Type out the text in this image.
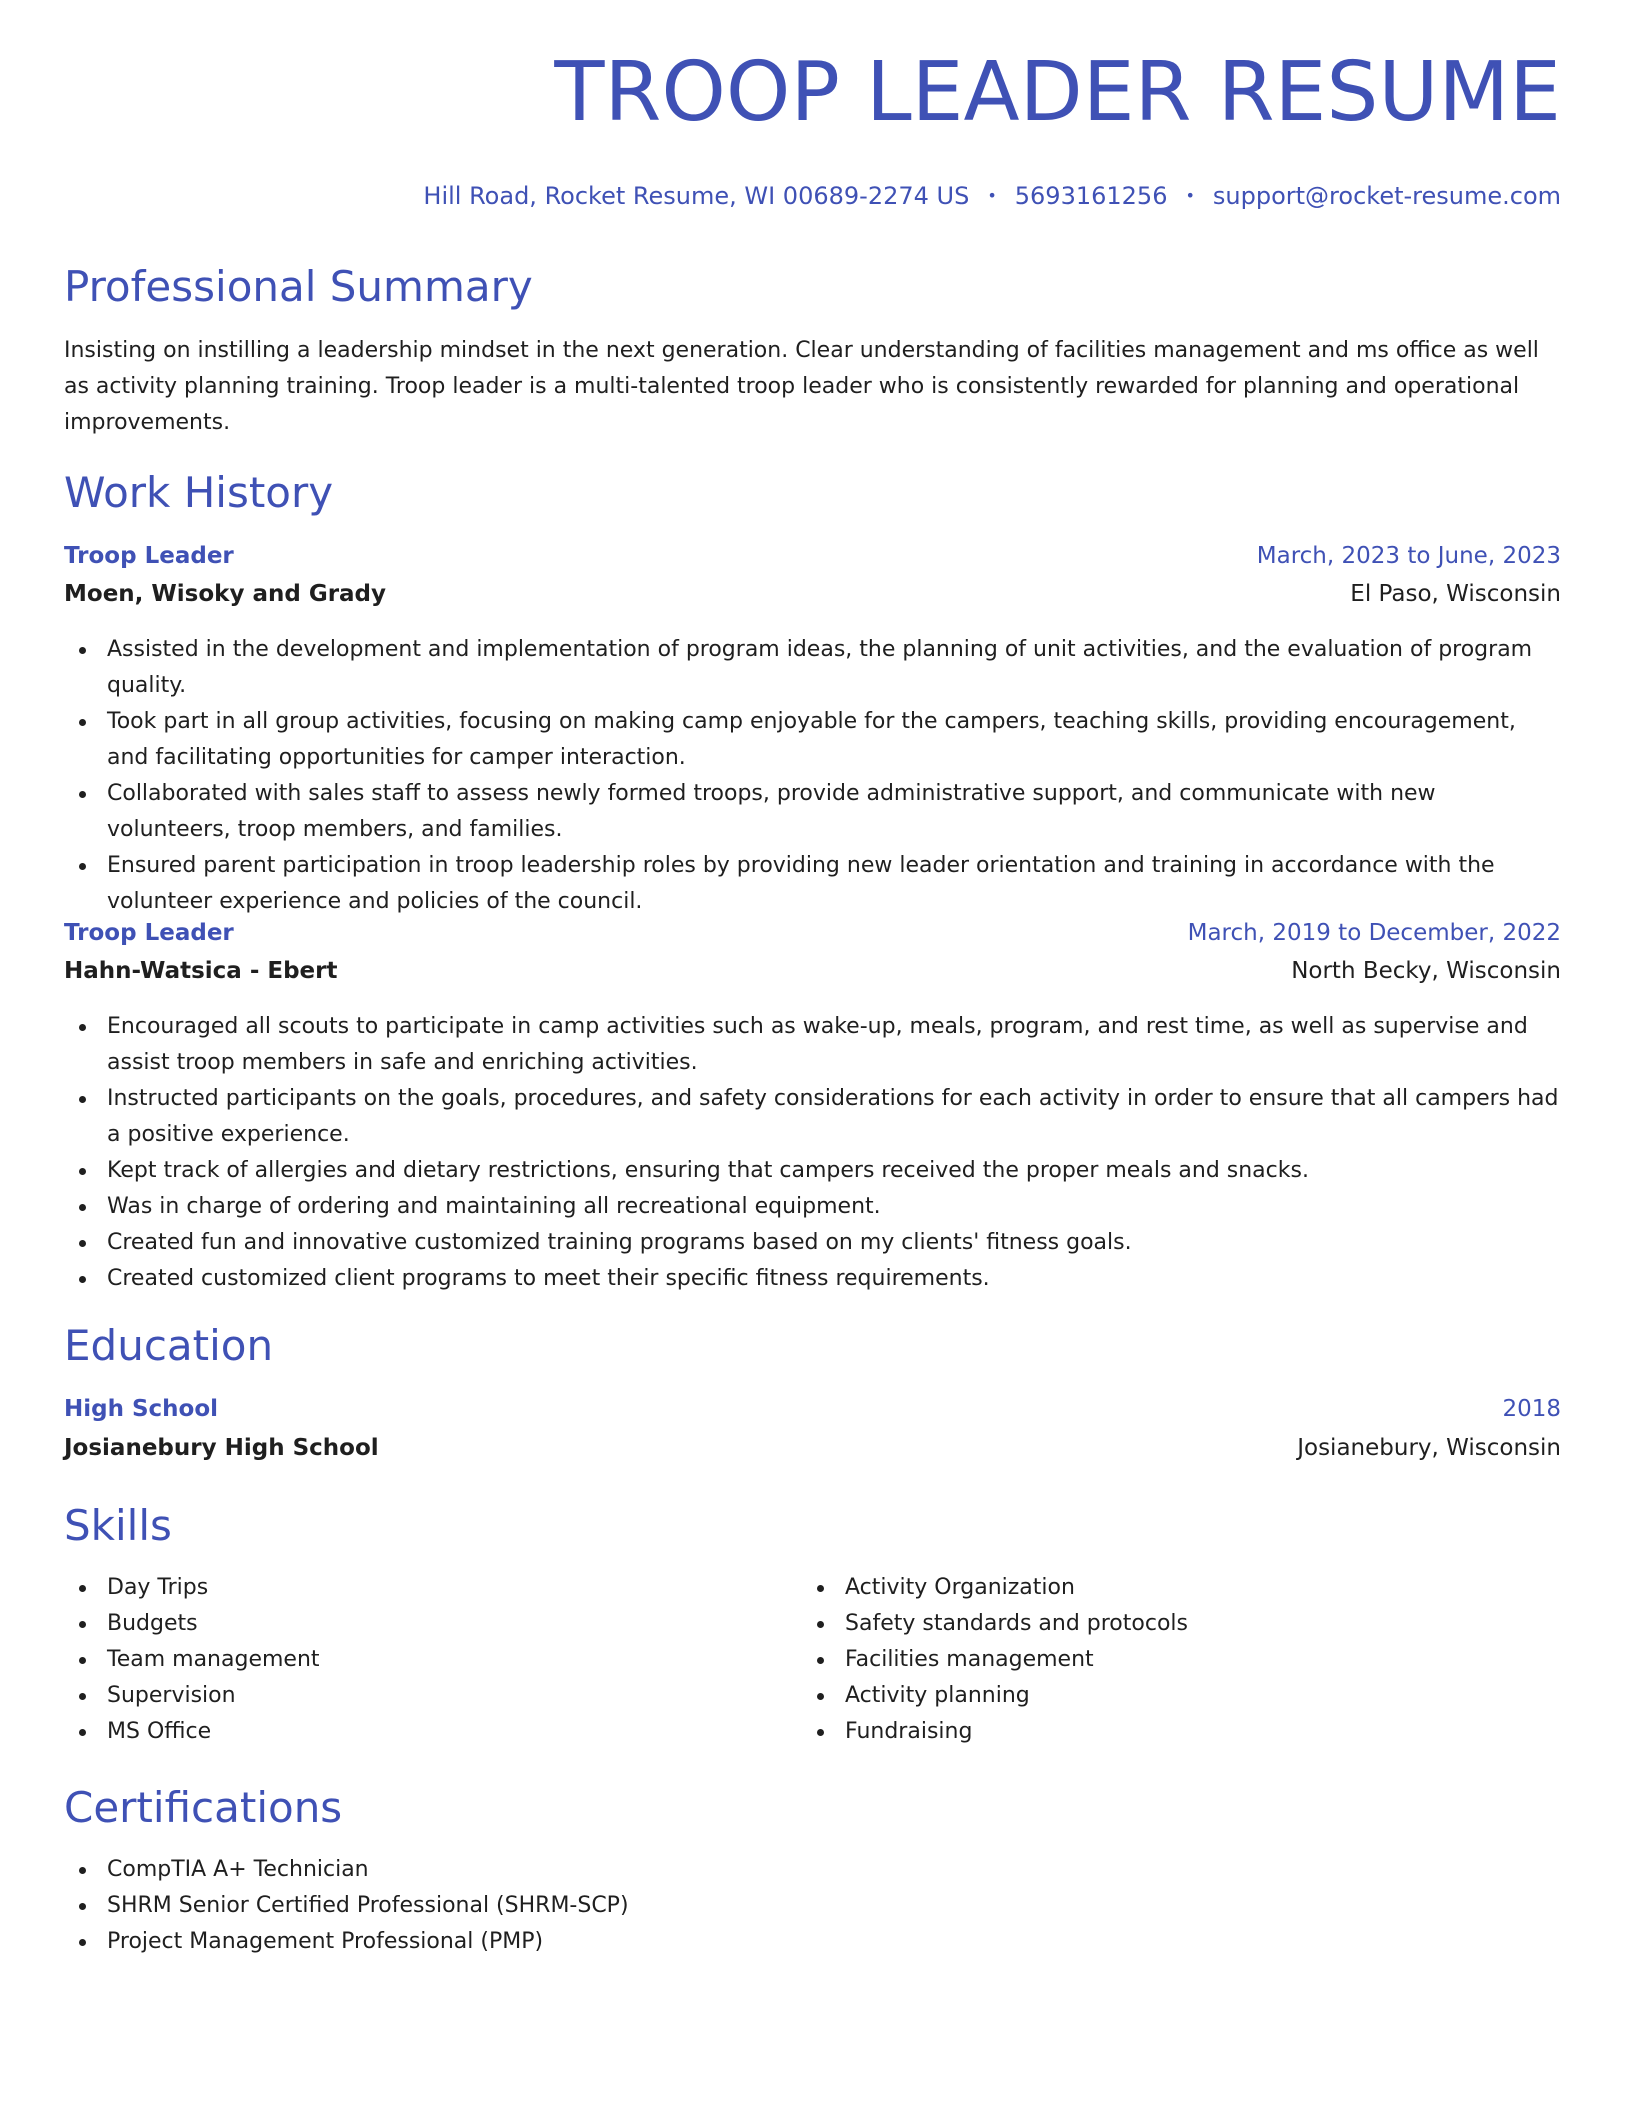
TROOP LEADER RESUME
Hill Road, Rocket Resume, WI 00689-2274 US • 5693161256 • support@rocket-resume.com
Professional Summary

Insisting on instilling a leadership mindset in the next generation. Clear understanding of facilities management and ms office as well as activity planning training. Troop leader is a multi-talented troop leader who is consistently rewarded for planning and operational improvements.

Work History
Troop Leader	March, 2023 to June, 2023
Moen, Wisoky and Grady	El Paso, Wisconsin
Assisted in the development and implementation of program ideas, the planning of unit activities, and the evaluation of program quality.
Took part in all group activities, focusing on making camp enjoyable for the campers, teaching skills, providing encouragement, and facilitating opportunities for camper interaction.
Collaborated with sales staff to assess newly formed troops, provide administrative support, and communicate with new volunteers, troop members, and families.
Ensured parent participation in troop leadership roles by providing new leader orientation and training in accordance with the volunteer experience and policies of the council.
Troop Leader	March, 2019 to December, 2022
Hahn-Watsica - Ebert	North Becky, Wisconsin
Encouraged all scouts to participate in camp activities such as wake-up, meals, program, and rest time, as well as supervise and assist troop members in safe and enriching activities.
Instructed participants on the goals, procedures, and safety considerations for each activity in order to ensure that all campers had a positive experience.
Kept track of allergies and dietary restrictions, ensuring that campers received the proper meals and snacks.
Was in charge of ordering and maintaining all recreational equipment.
Created fun and innovative customized training programs based on my clients' fitness goals.
Created customized client programs to meet their specific fitness requirements.
Education
High School	2018
Josianebury High School	Josianebury, Wisconsin
Skills
Day Trips
Budgets
Team management
Supervision
MS Office
Activity Organization
Safety standards and protocols
Facilities management
Activity planning
Fundraising
Certifications
CompTIA A+ Technician
SHRM Senior Certified Professional (SHRM-SCP)
Project Management Professional (PMP)
